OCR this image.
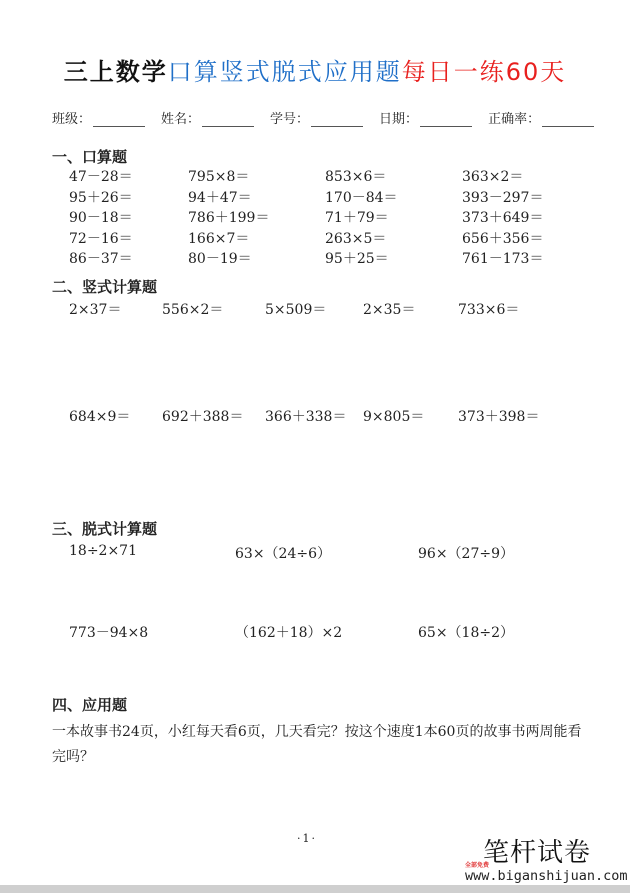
三上数学口算竖式脱式应用题每日一练60天
班级：	姓名：	学号：	日期：	正确率：
一、口算题
47－28＝	795×8＝	853×6＝	363×2＝
95＋26＝	94＋47＝	170－84＝	393－297＝
90－18＝	786＋199＝	71＋79＝	373＋649＝
72－16＝	166×7＝	263×5＝	656＋356＝
86－37＝	80－19＝	95＋25＝	761－173＝
二、竖式计算题
2×37＝	556×2＝	5×509＝	2×35＝	733×6＝
684×9＝	692＋388＝	366＋338＝	9×805＝	373＋398＝
三、脱式计算题
18÷2×71	63×（24÷6）	96×（27÷9）
773－94×8	（162＋18）×2	65×（18÷2）
四、应用题
一本故事书24页，小红每天看6页，几天看完？按这个速度1本60页的故事书两周能看完吗？
·1·
全部免费
笔杆试卷
www.biganshijuan.com
